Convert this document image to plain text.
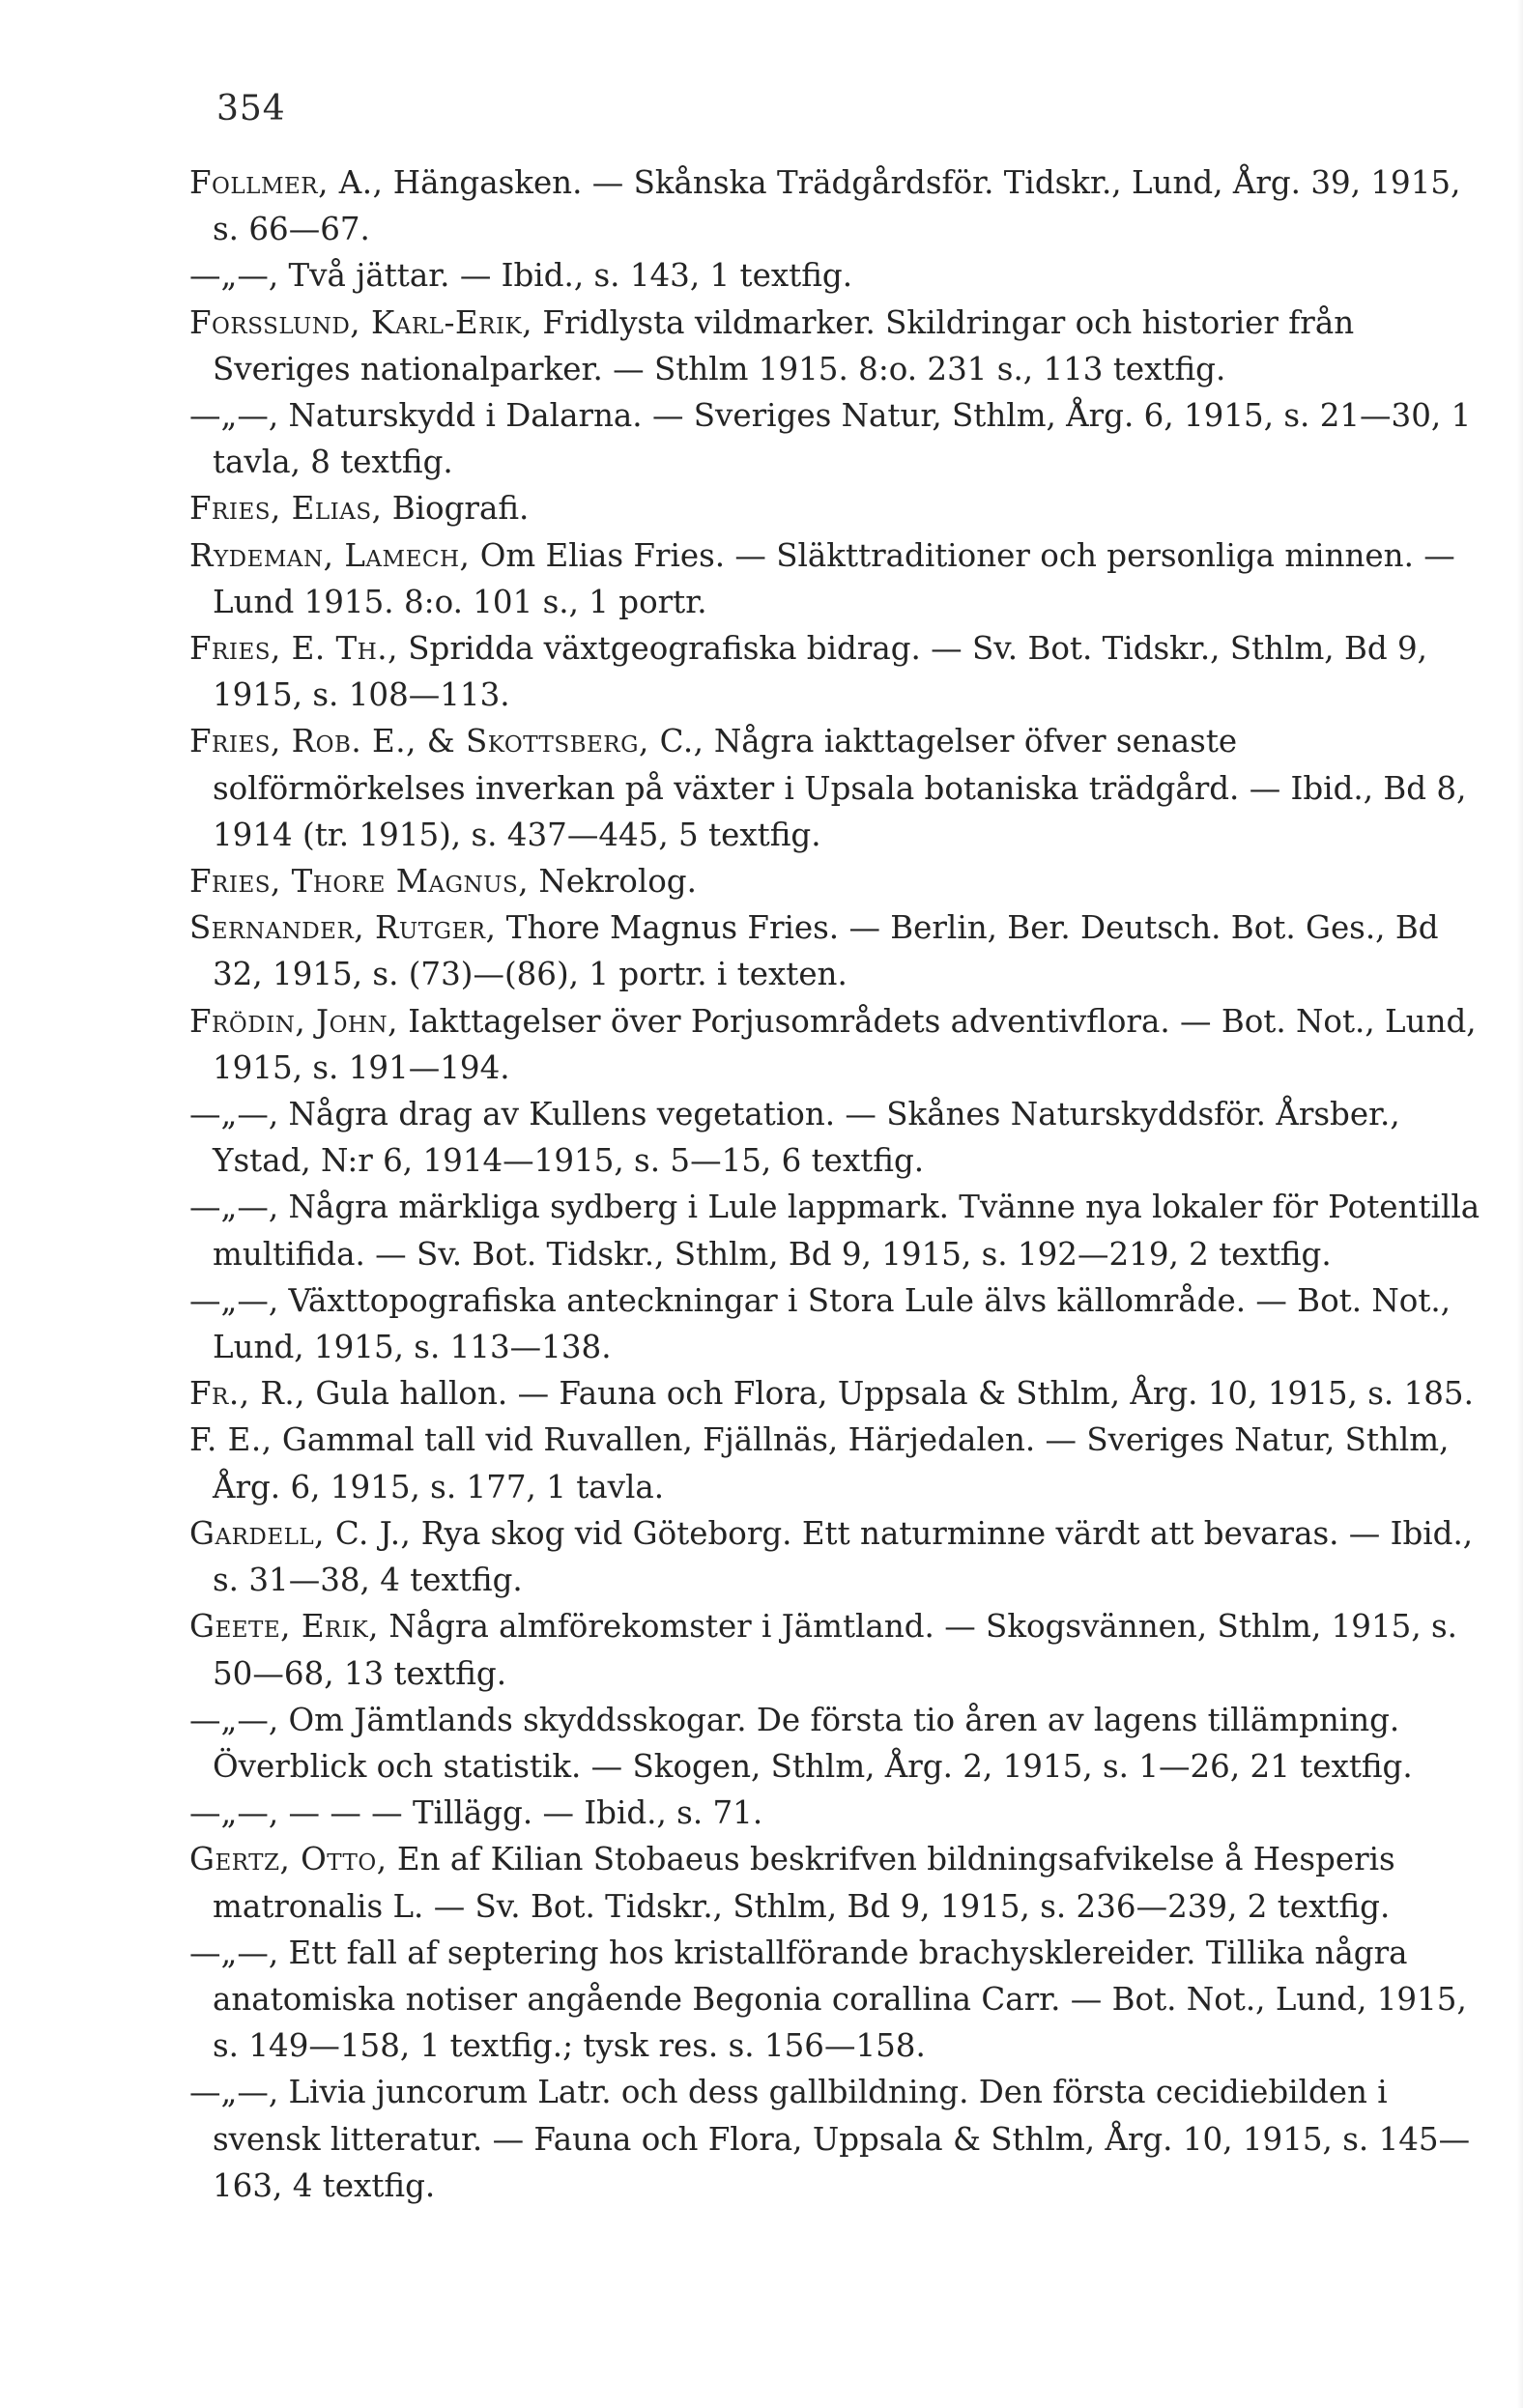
354

Follmer, A., Hängasken. — Skånska Trädgårdsför. Tidskr., Lund, Årg. 39, 1915, s. 66—67.

—„—, Två jättar. — Ibid., s. 143, 1 textfig.

Forsslund, Karl-Erik, Fridlysta vildmarker. Skildringar och historier från Sveriges nationalparker. — Sthlm 1915. 8:o. 231 s., 113 textfig.

—„—, Naturskydd i Dalarna. — Sveriges Natur, Sthlm, Årg. 6, 1915, s. 21—30, 1 tavla, 8 textfig.

Fries, Elias, Biografi.

Rydeman, Lamech, Om Elias Fries. — Släkttraditioner och personliga minnen. — Lund 1915. 8:o. 101 s., 1 portr.

Fries, E. Th., Spridda växtgeografiska bidrag. — Sv. Bot. Tidskr., Sthlm, Bd 9, 1915, s. 108—113.

Fries, Rob. E., & Skottsberg, C., Några iakttagelser öfver senaste solförmörkelses inverkan på växter i Upsala botaniska trädgård. — Ibid., Bd 8, 1914 (tr. 1915), s. 437—445, 5 textfig.

Fries, Thore Magnus, Nekrolog.

Sernander, Rutger, Thore Magnus Fries. — Berlin, Ber. Deutsch. Bot. Ges., Bd 32, 1915, s. (73)—(86), 1 portr. i texten.

Frödin, John, Iakttagelser över Porjusområdets adventivflora. — Bot. Not., Lund, 1915, s. 191—194.

—„—, Några drag av Kullens vegetation. — Skånes Naturskyddsför. Årsber., Ystad, N:r 6, 1914—1915, s. 5—15, 6 textfig.

—„—, Några märkliga sydberg i Lule lappmark. Tvänne nya lokaler för Potentilla multifida. — Sv. Bot. Tidskr., Sthlm, Bd 9, 1915, s. 192—219, 2 textfig.

—„—, Växttopografiska anteckningar i Stora Lule älvs källområde. — Bot. Not., Lund, 1915, s. 113—138.

Fr., R., Gula hallon. — Fauna och Flora, Uppsala & Sthlm, Årg. 10, 1915, s. 185.

F. E., Gammal tall vid Ruvallen, Fjällnäs, Härjedalen. — Sveriges Natur, Sthlm, Årg. 6, 1915, s. 177, 1 tavla.

Gardell, C. J., Rya skog vid Göteborg. Ett naturminne värdt att bevaras. — Ibid., s. 31—38, 4 textfig.

Geete, Erik, Några almförekomster i Jämtland. — Skogsvännen, Sthlm, 1915, s. 50—68, 13 textfig.

—„—, Om Jämtlands skyddsskogar. De första tio åren av lagens tillämpning. Överblick och statistik. — Skogen, Sthlm, Årg. 2, 1915, s. 1—26, 21 textfig.

—„—, — — — Tillägg. — Ibid., s. 71.

Gertz, Otto, En af Kilian Stobaeus beskrifven bildningsafvikelse å Hesperis matronalis L. — Sv. Bot. Tidskr., Sthlm, Bd 9, 1915, s. 236—239, 2 textfig.

—„—, Ett fall af septering hos kristallförande brachysklereider. Tillika några anatomiska notiser angående Begonia corallina Carr. — Bot. Not., Lund, 1915, s. 149—158, 1 textfig.; tysk res. s. 156—158.

—„—, Livia juncorum Latr. och dess gallbildning. Den första cecidiebilden i svensk litteratur. — Fauna och Flora, Uppsala & Sthlm, Årg. 10, 1915, s. 145—163, 4 textfig.
